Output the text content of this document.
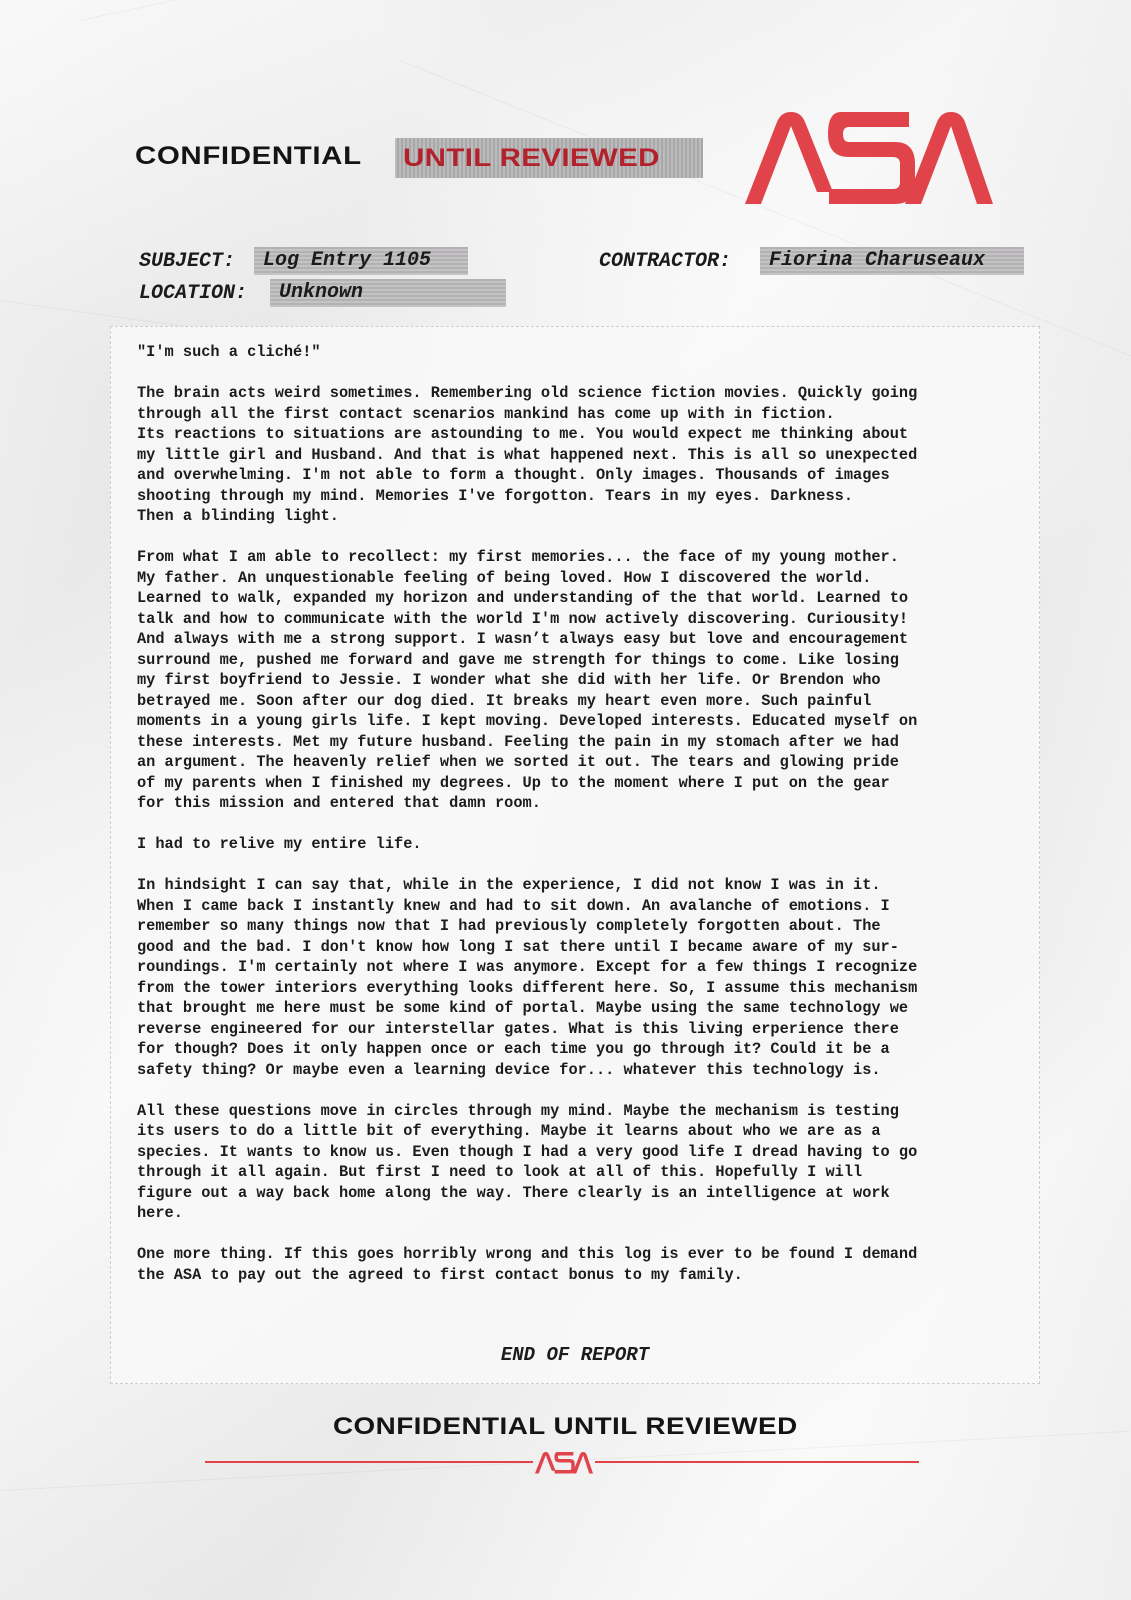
CONFIDENTIAL UNTIL REVIEWED
SUBJECT: Log Entry 1105
LOCATION: Unknown
CONTRACTOR: Fiorina Charuseaux

"I'm such a cliché!"

The brain acts weird sometimes. Remembering old science fiction movies. Quickly going
through all the first contact scenarios mankind has come up with in fiction.
Its reactions to situations are astounding to me. You would expect me thinking about
my little girl and Husband. And that is what happened next. This is all so unexpected
and overwhelming. I'm not able to form a thought. Only images. Thousands of images
shooting through my mind. Memories I've forgotton. Tears in my eyes. Darkness.
Then a blinding light.

From what I am able to recollect: my first memories... the face of my young mother.
My father. An unquestionable feeling of being loved. How I discovered the world.
Learned to walk, expanded my horizon and understanding of the that world. Learned to
talk and how to communicate with the world I'm now actively discovering. Curiousity!
And always with me a strong support. I wasn’t always easy but love and encouragement
surround me, pushed me forward and gave me strength for things to come. Like losing
my first boyfriend to Jessie. I wonder what she did with her life. Or Brendon who
betrayed me. Soon after our dog died. It breaks my heart even more. Such painful
moments in a young girls life. I kept moving. Developed interests. Educated myself on
these interests. Met my future husband. Feeling the pain in my stomach after we had
an argument. The heavenly relief when we sorted it out. The tears and glowing pride
of my parents when I finished my degrees. Up to the moment where I put on the gear
for this mission and entered that damn room.

I had to relive my entire life.

In hindsight I can say that, while in the experience, I did not know I was in it.
When I came back I instantly knew and had to sit down. An avalanche of emotions. I
remember so many things now that I had previously completely forgotten about. The
good and the bad. I don't know how long I sat there until I became aware of my sur-
roundings. I'm certainly not where I was anymore. Except for a few things I recognize
from the tower interiors everything looks different here. So, I assume this mechanism
that brought me here must be some kind of portal. Maybe using the same technology we
reverse engineered for our interstellar gates. What is this living erperience there
for though? Does it only happen once or each time you go through it? Could it be a
safety thing? Or maybe even a learning device for... whatever this technology is.

All these questions move in circles through my mind. Maybe the mechanism is testing
its users to do a little bit of everything. Maybe it learns about who we are as a
species. It wants to know us. Even though I had a very good life I dread having to go
through it all again. But first I need to look at all of this. Hopefully I will
figure out a way back home along the way. There clearly is an intelligence at work
here.

One more thing. If this goes horribly wrong and this log is ever to be found I demand
the ASA to pay out the agreed to first contact bonus to my family.

END OF REPORT
CONFIDENTIAL UNTIL REVIEWED
